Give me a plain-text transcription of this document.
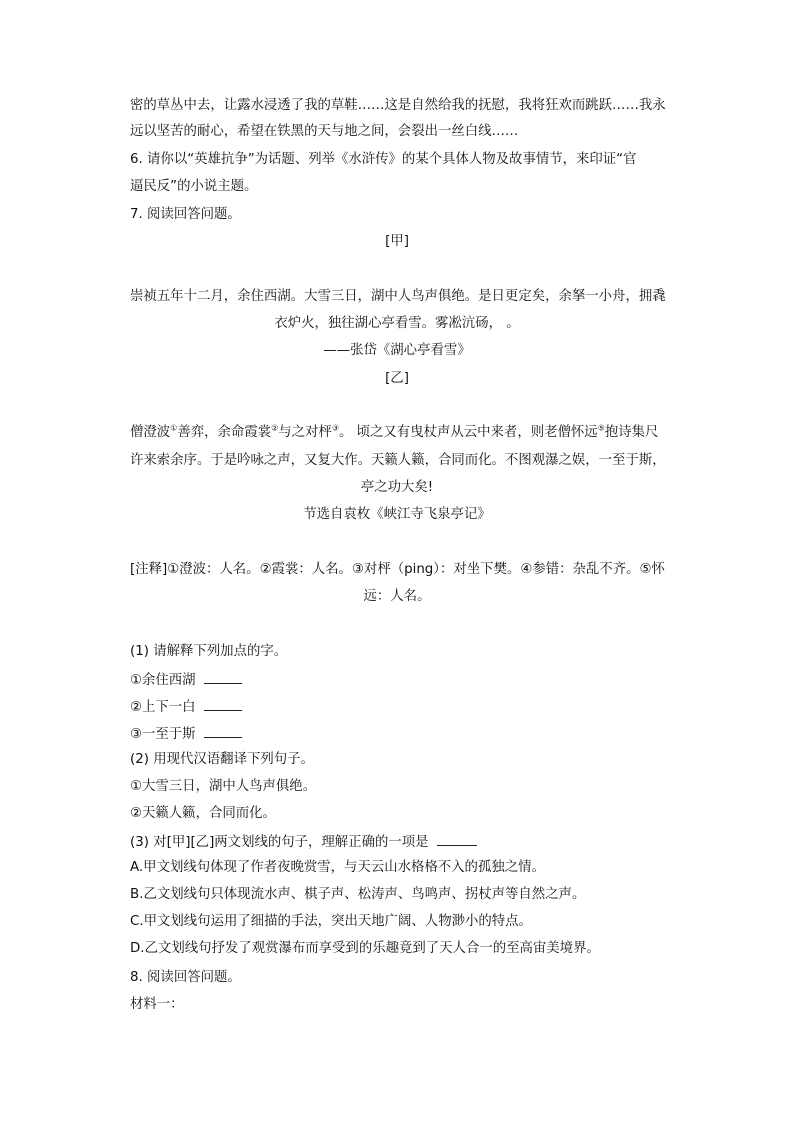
密的草丛中去，让露水浸透了我的草鞋……这是自然给我的抚慰，我将狂欢而跳跃……我永

远以坚苦的耐心，希望在铁黑的天与地之间，会裂出一丝白线……

6. 请你以“英雄抗争”为话题、列举《水浒传》的某个具体人物及故事情节，来印证“官

逼民反”的小说主题。

7. 阅读回答问题。

[甲]

崇祯五年十二月，余住西湖。大雪三日，湖中人鸟声俱绝。是日更定矣，余拏一小舟，拥毳

衣炉火，独往湖心亭看雪。雾凇沆砀， 。

——张岱《湖心亭看雪》

[乙]

僧澄波①善弈，余命霞裳②与之对枰③。 顷之又有曳杖声从云中来者，则老僧怀远⑤抱诗集尺

许来索余序。于是吟咏之声，又复大作。天籁人籁，合同而化。不图观瀑之娱，一至于斯，

亭之功大矣!

节选自袁枚《峡江寺飞泉亭记》

[注释]①澄波：人名。②霞裳：人名。③对枰（ping）：对坐下樊。④参错：杂乱不齐。⑤怀

远：人名。

(1) 请解释下列加点的字。

①余住西湖

②上下一白

③一至于斯

(2) 用现代汉语翻译下列句子。

①大雪三日，湖中人鸟声俱绝。

②天籁人籁，合同而化。

(3) 对[甲][乙]两文划线的句子，理解正确的一项是

A.甲文划线句体现了作者夜晚赏雪，与天云山水格格不入的孤独之情。

B.乙文划线句只体现流水声、棋子声、松涛声、鸟鸣声、拐杖声等自然之声。

C.甲文划线句运用了细描的手法，突出天地广阔、人物渺小的特点。

D.乙文划线句抒发了观赏瀑布而享受到的乐趣竟到了天人合一的至高宙美境界。

8. 阅读回答问题。

材料一：
